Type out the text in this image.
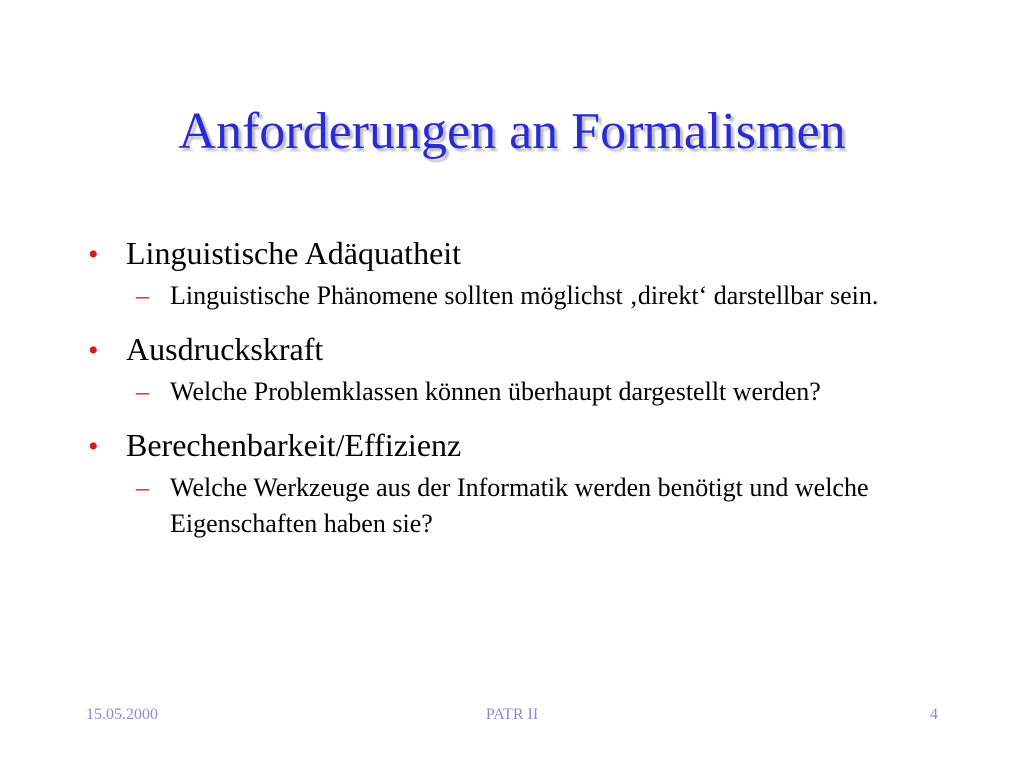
Anforderungen an Formalismen
• Linguistische Adäquatheit
– Linguistische Phänomene sollten möglichst ‚direkt‘ darstellbar sein.
• Ausdruckskraft
– Welche Problemklassen können überhaupt dargestellt werden?
• Berechenbarkeit/Effizienz
– Welche Werkzeuge aus der Informatik werden benötigt und welche Eigenschaften haben sie?
15.05.2000	PATR II	4
